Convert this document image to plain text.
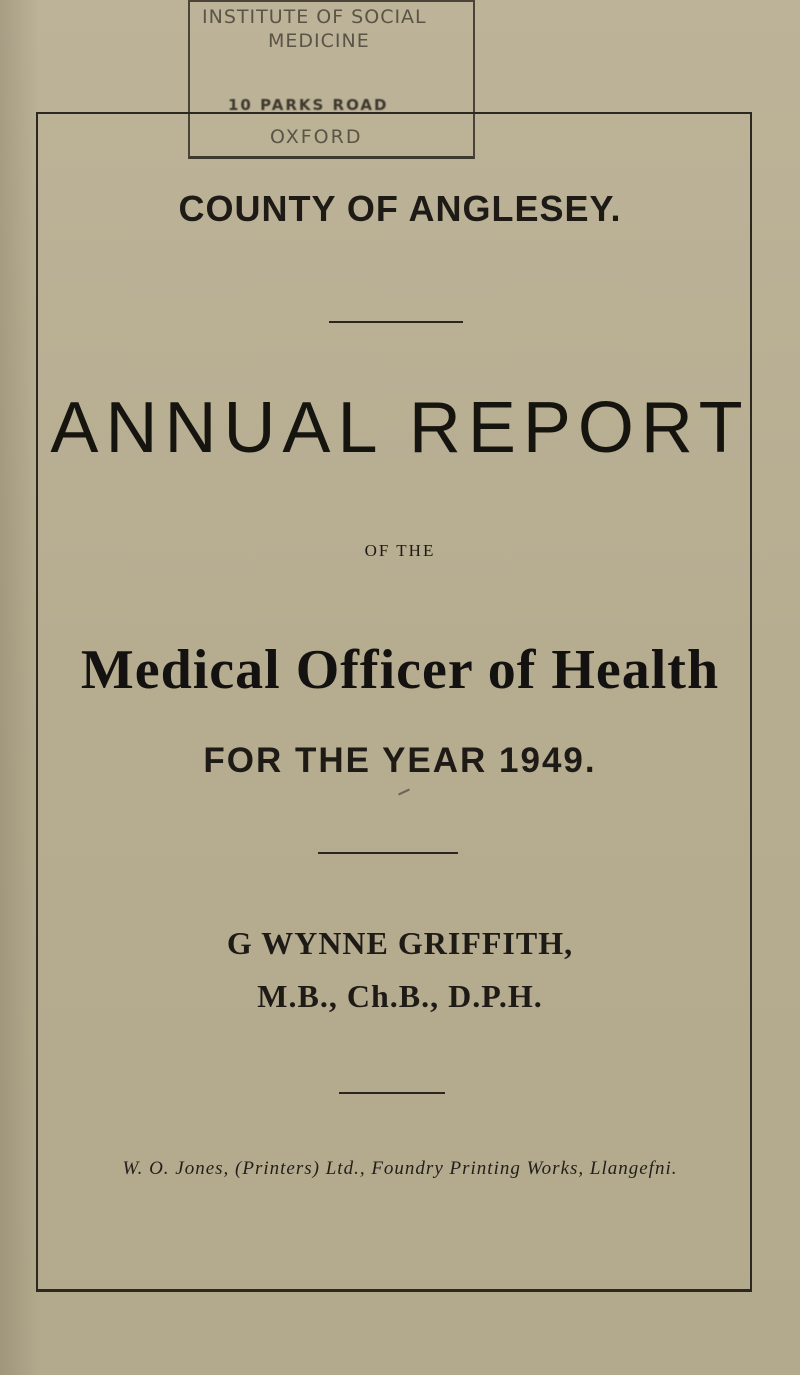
INSTITUTE OF SOCIAL
MEDICINE
10 PARKS ROAD
OXFORD
COUNTY OF ANGLESEY.
ANNUAL REPORT
OF THE
Medical Officer of Health
FOR THE YEAR 1949.
G WYNNE GRIFFITH,
M.B., Ch.B., D.P.H.
W. O. Jones, (Printers) Ltd., Foundry Printing Works, Llangefni.
